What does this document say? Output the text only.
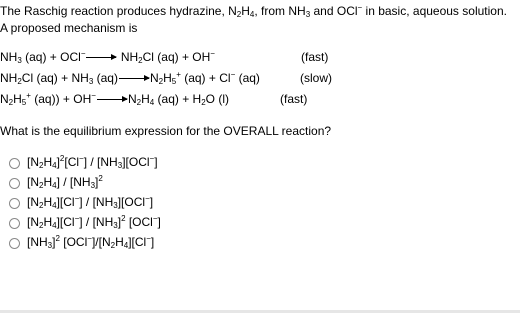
The Raschig reaction produces hydrazine, $N_2H_4$, from $NH_3$ and OCl− in basic, aqueous solution.
A proposed mechanism is
$NH_3$ $(aq) + OCl^-\to NH_2Cl$ (aq) + OH−	(fast)
$NH_2Cl$ $(aq) + NH_3$ $(aq)\to N_2H_5^+$ (aq) + Cl− (aq)	(slow)
$N_2H_5^+$ $(aq)) + OH^-\to N_2H_4$ $(aq) + H_2O$ (l)	(fast)
What is the equilibrium expression for the OVERALL reaction?
$[N_2H_4]^2[Cl^-] / [NH_3][OCl^-]$
$[N_2H_4] / [NH_3]^2$
$[N_2H_4][Cl^-] / [NH_3][OCl^-]$
$[N_2H_4][Cl^-] / [NH_3]^2$ [OCl−]
$[NH_3]^2$ $[OCl^-]/[N_2H_4][Cl^-]$
